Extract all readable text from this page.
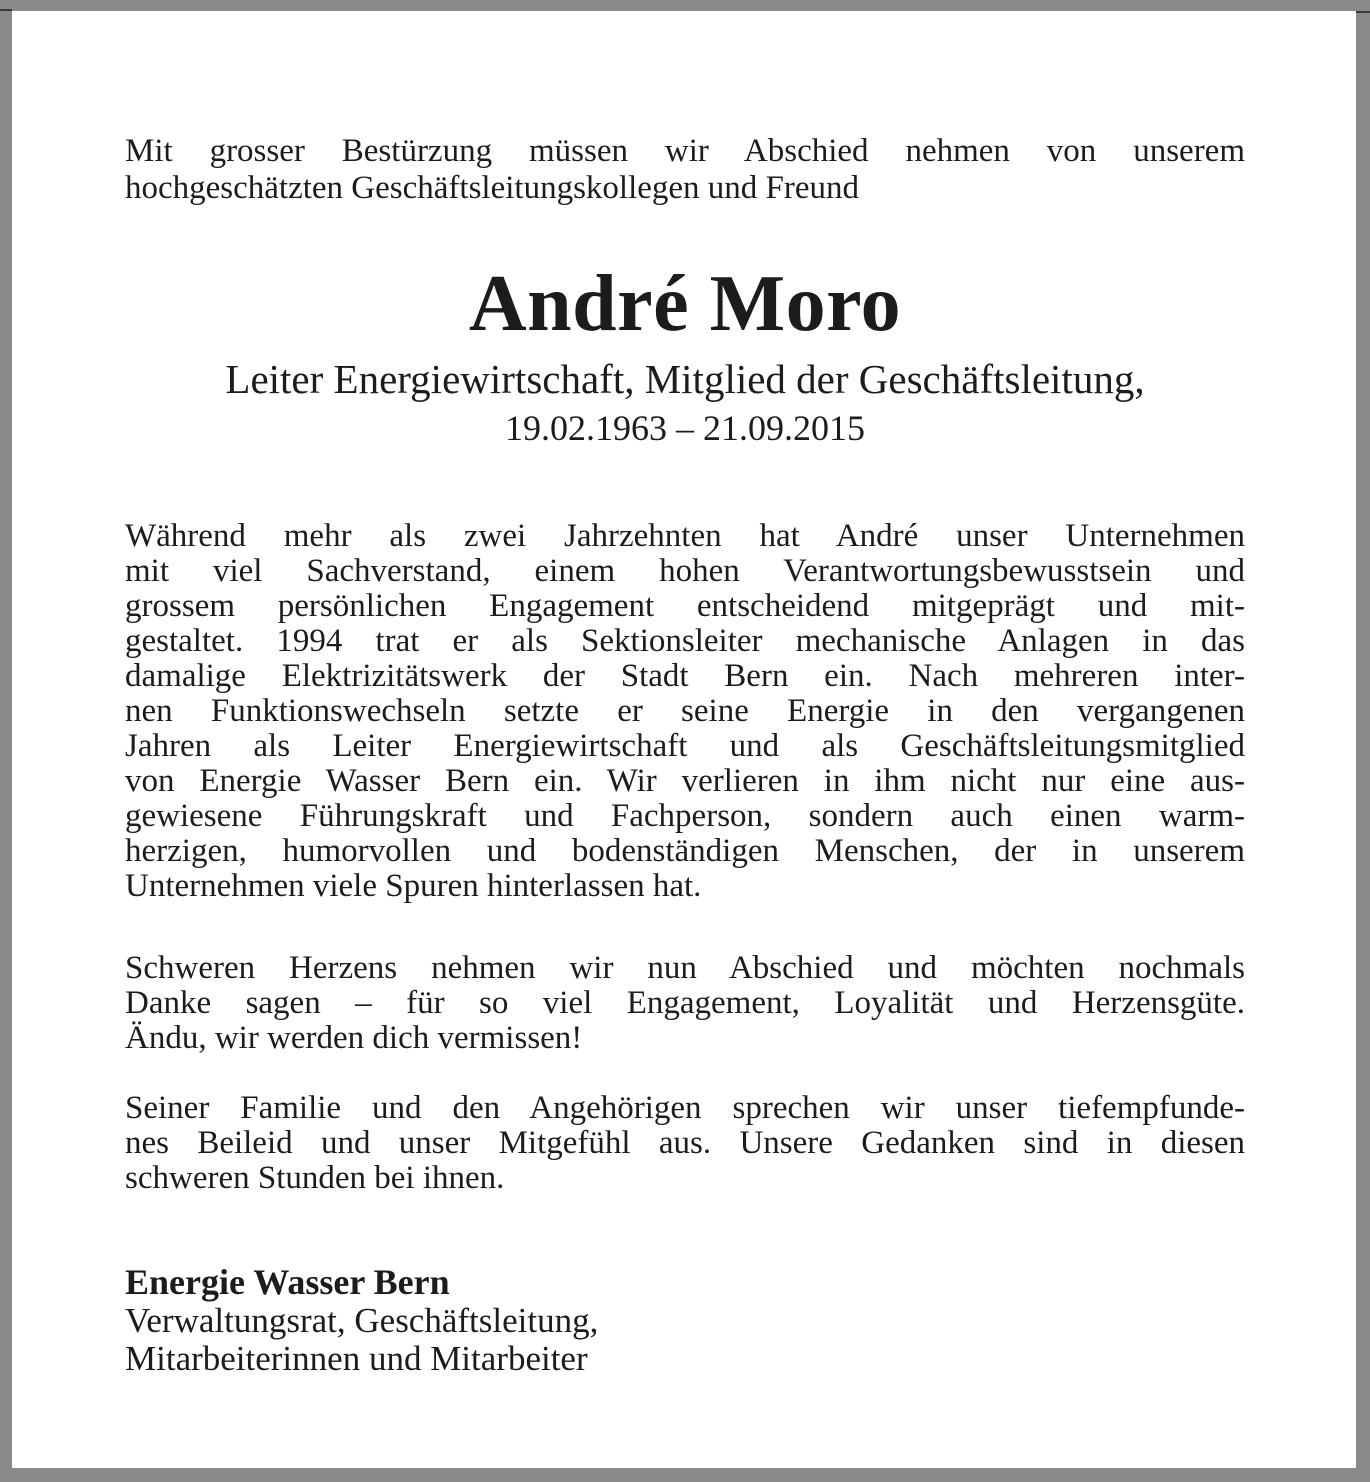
Mit grosser Bestürzung müssen wir Abschied nehmen von unserem
hochgeschätzten Geschäftsleitungskollegen und Freund
André Moro
Leiter Energiewirtschaft, Mitglied der Geschäftsleitung,
19.02.1963 – 21.09.2015
Während mehr als zwei Jahrzehnten hat André unser Unternehmen
mit viel Sachverstand, einem hohen Verantwortungsbewusstsein und
grossem persönlichen Engagement entscheidend mitgeprägt und mit-
gestaltet. 1994 trat er als Sektionsleiter mechanische Anlagen in das
damalige Elektrizitätswerk der Stadt Bern ein. Nach mehreren inter-
nen Funktionswechseln setzte er seine Energie in den vergangenen
Jahren als Leiter Energiewirtschaft und als Geschäftsleitungsmitglied
von Energie Wasser Bern ein. Wir verlieren in ihm nicht nur eine aus-
gewiesene Führungskraft und Fachperson, sondern auch einen warm-
herzigen, humorvollen und bodenständigen Menschen, der in unserem
Unternehmen viele Spuren hinterlassen hat.
Schweren Herzens nehmen wir nun Abschied und möchten nochmals
Danke sagen – für so viel Engagement, Loyalität und Herzensgüte.
Ändu, wir werden dich vermissen!
Seiner Familie und den Angehörigen sprechen wir unser tiefempfunde-
nes Beileid und unser Mitgefühl aus. Unsere Gedanken sind in diesen
schweren Stunden bei ihnen.
Energie Wasser Bern
Verwaltungsrat, Geschäftsleitung,
Mitarbeiterinnen und Mitarbeiter
